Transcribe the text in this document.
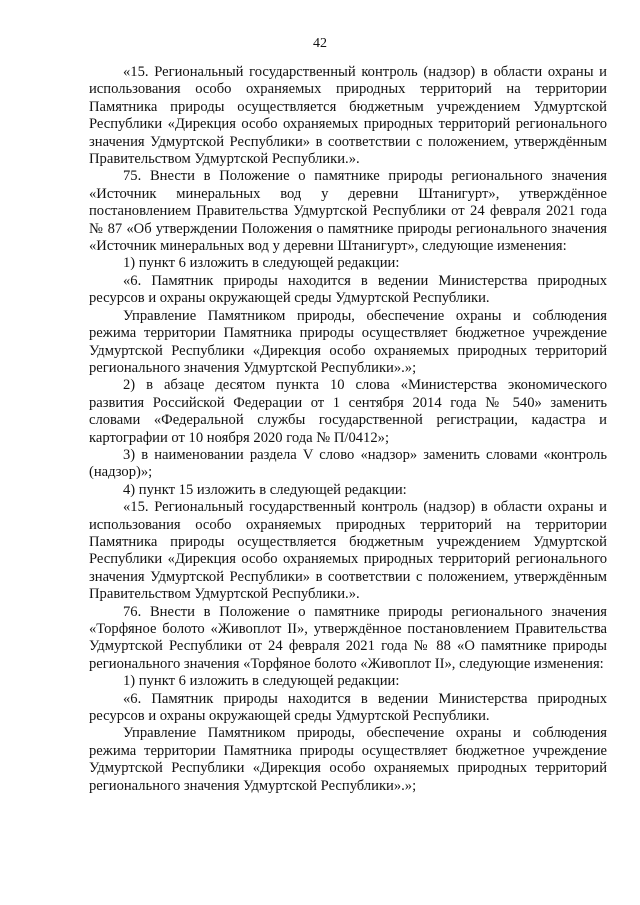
42

«15. Региональный государственный контроль (надзор) в области охраны и использования особо охраняемых природных территорий на территории Памятника природы осуществляется бюджетным учреждением Удмуртской Республики «Дирекция особо охраняемых природных территорий регионального значения Удмуртской Республики» в соответствии с положением, утверждённым Правительством Удмуртской Республики.».

75. Внести в Положение о памятнике природы регионального значения «Источник минеральных вод у деревни Штанигурт», утверждённое постановлением Правительства Удмуртской Республики от 24 февраля 2021 года № 87 «Об утверждении Положения о памятнике природы регионального значения «Источник минеральных вод у деревни Штанигурт», следующие изменения:

1) пункт 6 изложить в следующей редакции:

«6. Памятник природы находится в ведении Министерства природных ресурсов и охраны окружающей среды Удмуртской Республики.

Управление Памятником природы, обеспечение охраны и соблюдения режима территории Памятника природы осуществляет бюджетное учреждение Удмуртской Республики «Дирекция особо охраняемых природных территорий регионального значения Удмуртской Республики».»;

2) в абзаце десятом пункта 10 слова «Министерства экономического развития Российской Федерации от 1 сентября 2014 года № 540» заменить словами «Федеральной службы государственной регистрации, кадастра и картографии от 10 ноября 2020 года № П/0412»;

3) в наименовании раздела V слово «надзор» заменить словами «контроль (надзор)»;

4) пункт 15 изложить в следующей редакции:

«15. Региональный государственный контроль (надзор) в области охраны и использования особо охраняемых природных территорий на территории Памятника природы осуществляется бюджетным учреждением Удмуртской Республики «Дирекция особо охраняемых природных территорий регионального значения Удмуртской Республики» в соответствии с положением, утверждённым Правительством Удмуртской Республики.».

76. Внести в Положение о памятнике природы регионального значения «Торфяное болото «Живоплот II», утверждённое постановлением Правительства Удмуртской Республики от 24 февраля 2021 года № 88 «О памятнике природы регионального значения «Торфяное болото «Живоплот II», следующие изменения:

1) пункт 6 изложить в следующей редакции:

«6. Памятник природы находится в ведении Министерства природных ресурсов и охраны окружающей среды Удмуртской Республики.

Управление Памятником природы, обеспечение охраны и соблюдения режима территории Памятника природы осуществляет бюджетное учреждение Удмуртской Республики «Дирекция особо охраняемых природных территорий регионального значения Удмуртской Республики».»;
